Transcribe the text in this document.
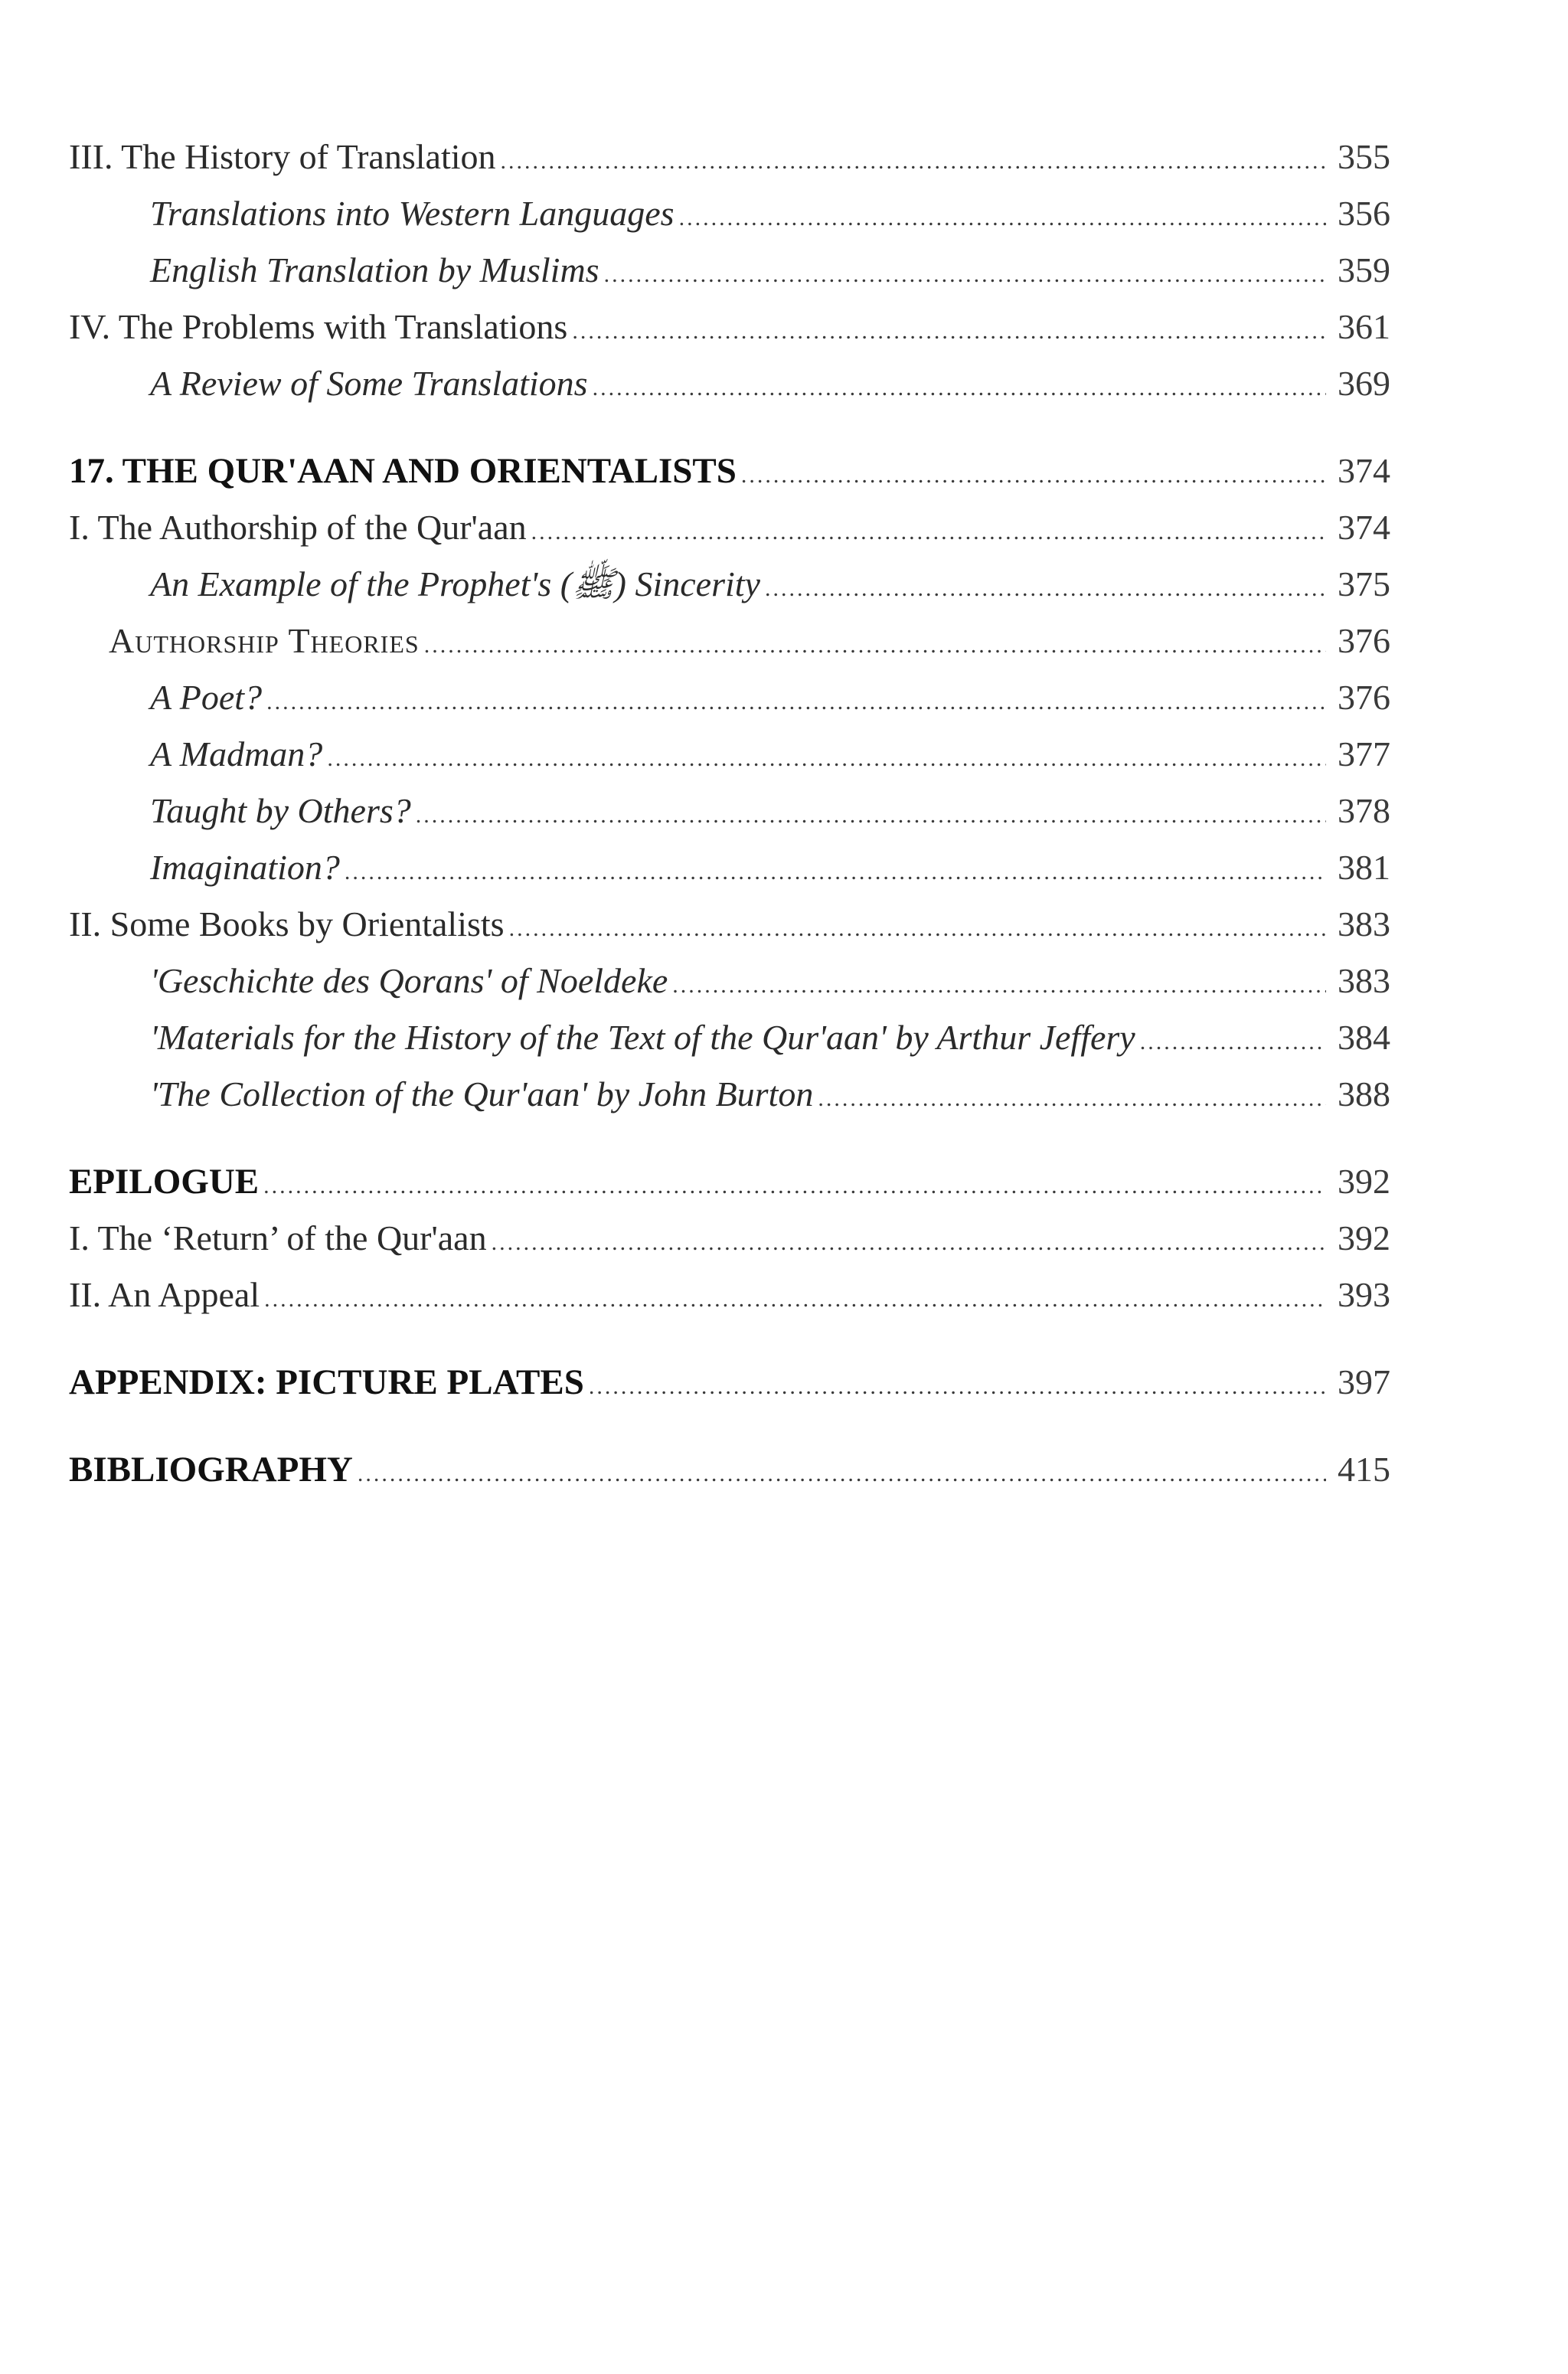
III. The History of Translation .....	355
Translations into Western Languages .....	356
English Translation by Muslims .....	359
IV. The Problems with Translations .....	361
A Review of Some Translations .....	369
17. THE QUR'AAN AND ORIENTALISTS .....	374
I. The Authorship of the Qur'aan .....	374
An Example of the Prophet's (ﷺ) Sincerity .....	375
Authorship Theories .....	376
A Poet? .....	376
A Madman? .....	377
Taught by Others? .....	378
Imagination? .....	381
II. Some Books by Orientalists .....	383
'Geschichte des Qorans' of Noeldeke .....	383
'Materials for the History of the Text of the Qur'aan' by Arthur Jeffery .....	384
'The Collection of the Qur'aan' by John Burton .....	388
EPILOGUE .....	392
I. The ‘Return’ of the Qur'aan .....	392
II. An Appeal .....	393
APPENDIX: PICTURE PLATES .....	397
BIBLIOGRAPHY .....	415
